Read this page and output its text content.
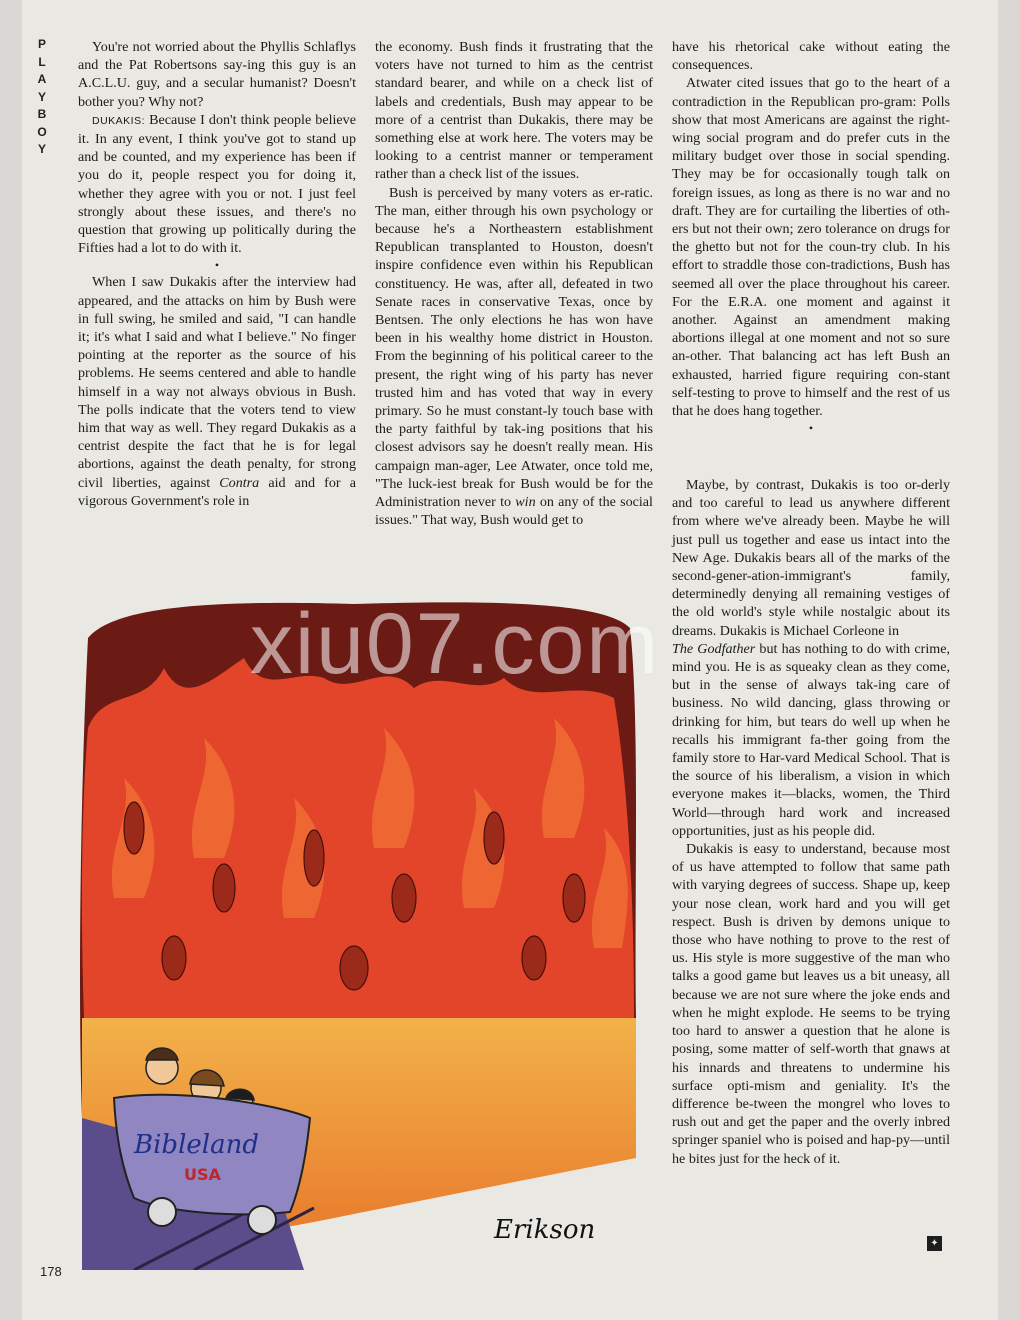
P
L
A
Y
B
O
Y

You're not worried about the Phyllis Schlaflys and the Pat Robertsons say-ing this guy is an A.C.L.U. guy, and a secular humanist? Doesn't bother you? Why not?

DUKAKIS: Because I don't think people believe it. In any event, I think you've got to stand up and be counted, and my experience has been if you do it, people respect you for doing it, whether they agree with you or not. I just feel strongly about these issues, and there's no question that growing up politically during the Fifties had a lot to do with it.

•

When I saw Dukakis after the interview had appeared, and the attacks on him by Bush were in full swing, he smiled and said, "I can handle it; it's what I said and what I believe." No finger pointing at the reporter as the source of his problems. He seems centered and able to handle himself in a way not always obvious in Bush. The polls indicate that the voters tend to view him that way as well. They regard Dukakis as a centrist despite the fact that he is for legal abortions, against the death penalty, for strong civil liberties, against Contra aid and for a vigorous Government's role in

the economy. Bush finds it frustrating that the voters have not turned to him as the centrist standard bearer, and while on a check list of labels and credentials, Bush may appear to be more of a centrist than Dukakis, there may be something else at work here. The voters may be looking to a centrist manner or temperament rather than a check list of the issues.

Bush is perceived by many voters as er-ratic. The man, either through his own psychology or because he's a Northeastern establishment Republican transplanted to Houston, doesn't inspire confidence even within his Republican constituency. He was, after all, defeated in two Senate races in conservative Texas, once by Bentsen. The only elections he has won have been in his wealthy home district in Houston. From the beginning of his political career to the present, the right wing of his party has never trusted him and has voted that way in every primary. So he must constant-ly touch base with the party faithful by tak-ing positions that his closest advisors say he doesn't really mean. His campaign man-ager, Lee Atwater, once told me, "The luck-iest break for Bush would be for the Administration never to win on any of the social issues." That way, Bush would get to

have his rhetorical cake without eating the consequences.

Atwater cited issues that go to the heart of a contradiction in the Republican pro-gram: Polls show that most Americans are against the right-wing social program and do prefer cuts in the military budget over those in social spending. They may be for occasionally tough talk on foreign issues, as long as there is no war and no draft. They are for curtailing the liberties of oth-ers but not their own; zero tolerance on drugs for the ghetto but not for the coun-try club. In his effort to straddle those con-tradictions, Bush has seemed all over the place throughout his career. For the E.R.A. one moment and against it another. Against an amendment making abortions illegal at one moment and not so sure an-other. That balancing act has left Bush an exhausted, harried figure requiring con-stant self-testing to prove to himself and the rest of us that he does hang together.

•

Maybe, by contrast, Dukakis is too or-derly and too careful to lead us anywhere different from where we've already been. Maybe he will just pull us together and ease us intact into the New Age. Dukakis bears all of the marks of the second-gener-ation-immigrant's family, determinedly denying all remaining vestiges of the old world's style while nostalgic about its dreams. Dukakis is Michael Corleone in
The Godfather but has nothing to do with crime, mind you. He is as squeaky clean as they come, but in the sense of always tak-ing care of business. No wild dancing, glass throwing or drinking for him, but tears do well up when he recalls his immigrant fa-ther going from the family store to Har-vard Medical School. That is the source of his liberalism, a vision in which everyone makes it—blacks, women, the Third World—through hard work and increased opportunities, just as his people did.

Dukakis is easy to understand, because most of us have attempted to follow that same path with varying degrees of success. Shape up, keep your nose clean, work hard and you will get respect. Bush is driven by demons unique to those who have nothing to prove to the rest of us. His style is more suggestive of the man who talks a good game but leaves us a bit uneasy, all because we are not sure where the joke ends and when he might explode. He seems to be trying too hard to answer a question that he alone is posing, some matter of self-worth that gnaws at his innards and threatens to undermine his surface opti-mism and geniality. It's the difference be-tween the mongrel who loves to rush out and get the paper and the overly inbred springer spaniel who is poised and hap-py—until he bites just for the heck of it.

Bibleland
USA
Erikson
xiu07.com
178
✦
